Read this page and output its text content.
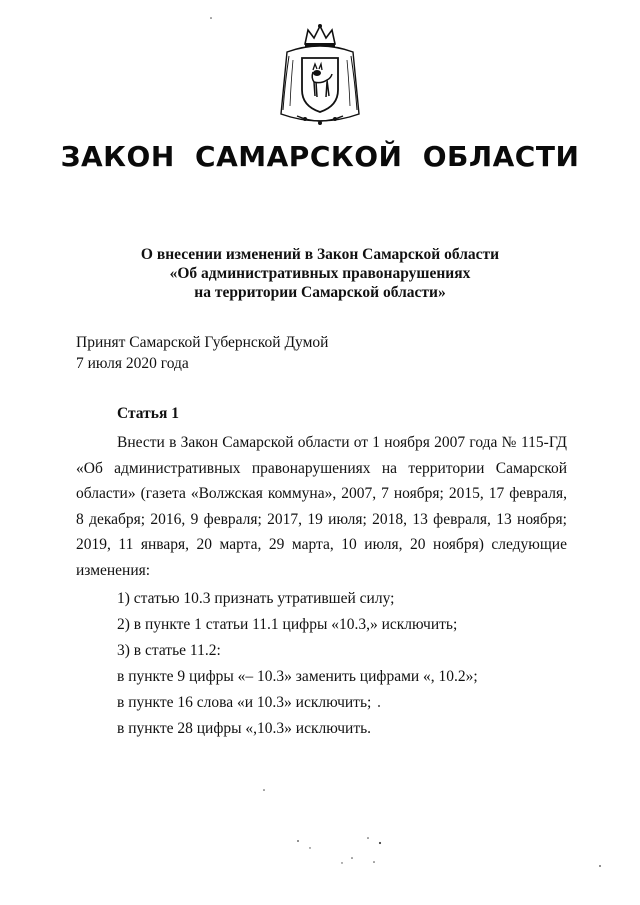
ЗАКОН САМАРСКОЙ ОБЛАСТИ
О внесении изменений в Закон Самарской области
«Об административных правонарушениях
на территории Самарской области»
Принят Самарской Губернской Думой
7 июля 2020 года
Статья 1

Внести в Закон Самарской области от 1 ноября 2007 года № 115-ГД «Об административных правонарушениях на территории Самарской области» (газета «Волжская коммуна», 2007, 7 ноября; 2015, 17 февраля, 8 декабря; 2016, 9 февраля; 2017, 19 июля; 2018, 13 февраля, 13 ноября; 2019, 11 января, 20 марта, 29 марта, 10 июля, 20 ноября) следующие изменения:

1) статью 10.3 признать утратившей силу;
2) в пункте 1 статьи 11.1 цифры «10.3,» исключить;
3) в статье 11.2:
в пункте 9 цифры «– 10.3» заменить цифрами «, 10.2»;
в пункте 16 слова «и 10.3» исключить;
в пункте 28 цифры «,10.3» исключить.
